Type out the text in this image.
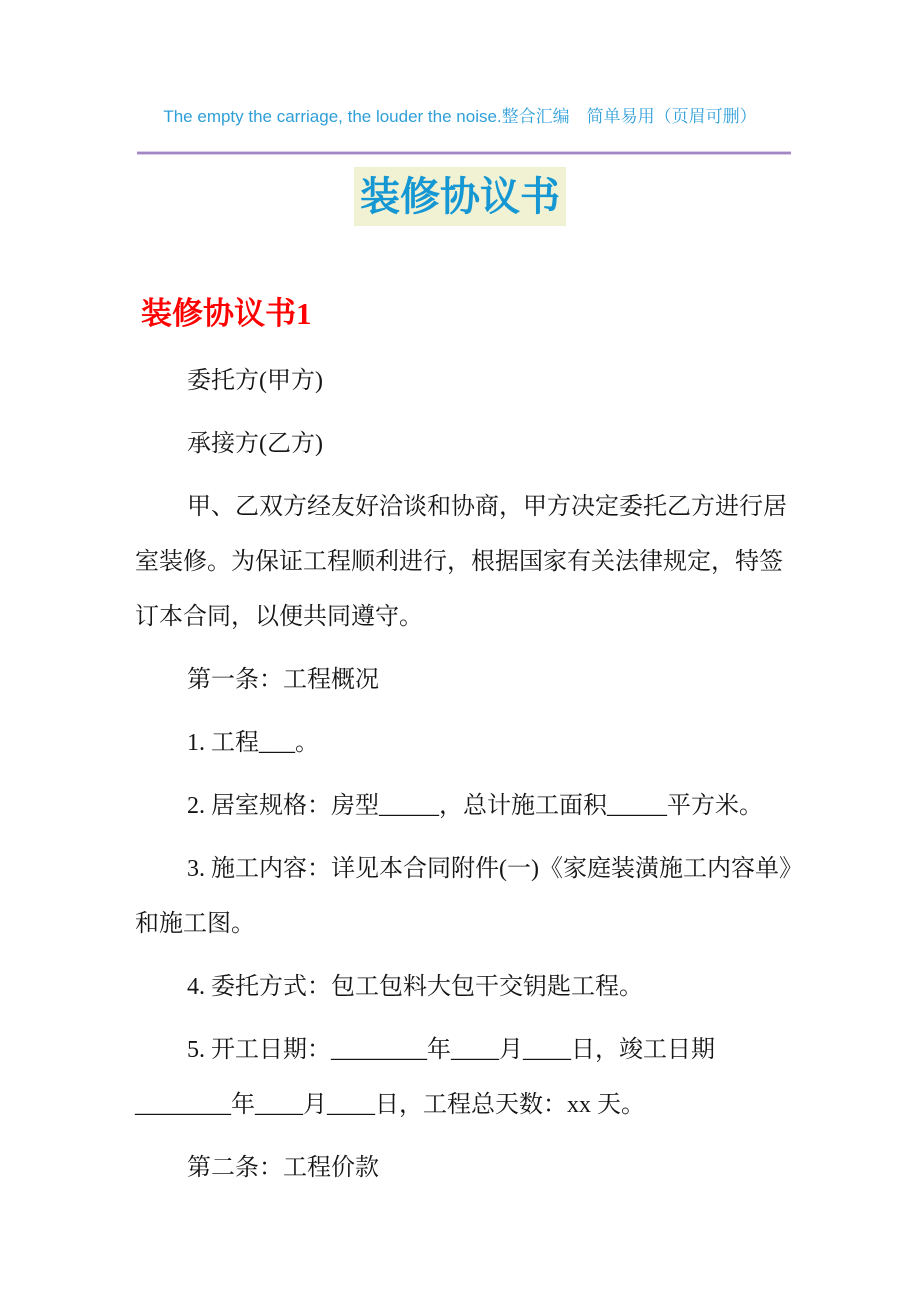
The empty the carriage, the louder the noise.整合汇编　简单易用（页眉可删）
装修协议书
装修协议书1
委托方(甲方)
承接方(乙方)
甲、乙双方经友好洽谈和协商，甲方决定委托乙方进行居
室装修。为保证工程顺利进行，根据国家有关法律规定，特签
订本合同，以便共同遵守。
第一条：工程概况
1. 工程___。
2. 居室规格：房型_____，总计施工面积_____平方米。
3. 施工内容：详见本合同附件(一)《家庭装潢施工内容单》
和施工图。
4. 委托方式：包工包料大包干交钥匙工程。
5. 开工日期：________年____月____日，竣工日期
________年____月____日，工程总天数：xx 天。
第二条：工程价款
